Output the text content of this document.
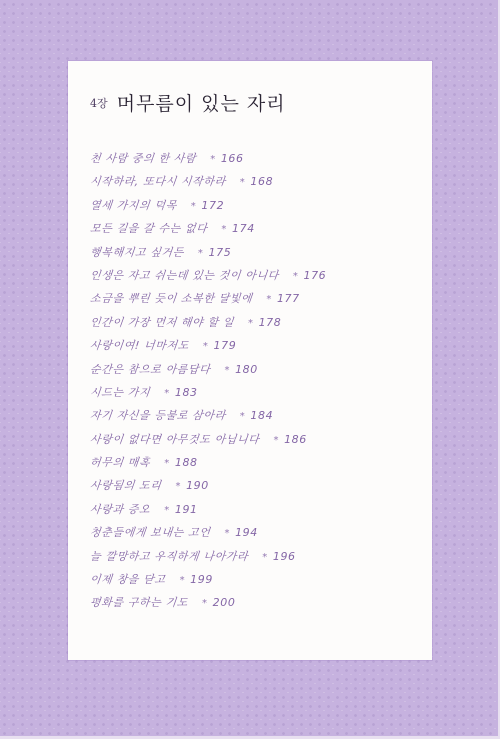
4장 머무름이 있는 자리
천 사람 중의 한 사람 * 166
시작하라, 또다시 시작하라 * 168
열세 가지의 덕목 * 172
모든 길을 갈 수는 없다 * 174
행복해지고 싶거든 * 175
인생은 자고 쉬는데 있는 것이 아니다 * 176
소금을 뿌린 듯이 소복한 달빛에 * 177
인간이 가장 먼저 해야 할 일 * 178
사랑이여! 너마저도 * 179
순간은 참으로 아름답다 * 180
시드는 가지 * 183
자기 자신을 등불로 삼아라 * 184
사랑이 없다면 아무것도 아닙니다 * 186
허무의 매혹 * 188
사랑됨의 도리 * 190
사랑과 증오 * 191
청춘들에게 보내는 고언 * 194
늘 깔망하고 우직하게 나아가라 * 196
이제 창을 닫고 * 199
평화를 구하는 기도 * 200
